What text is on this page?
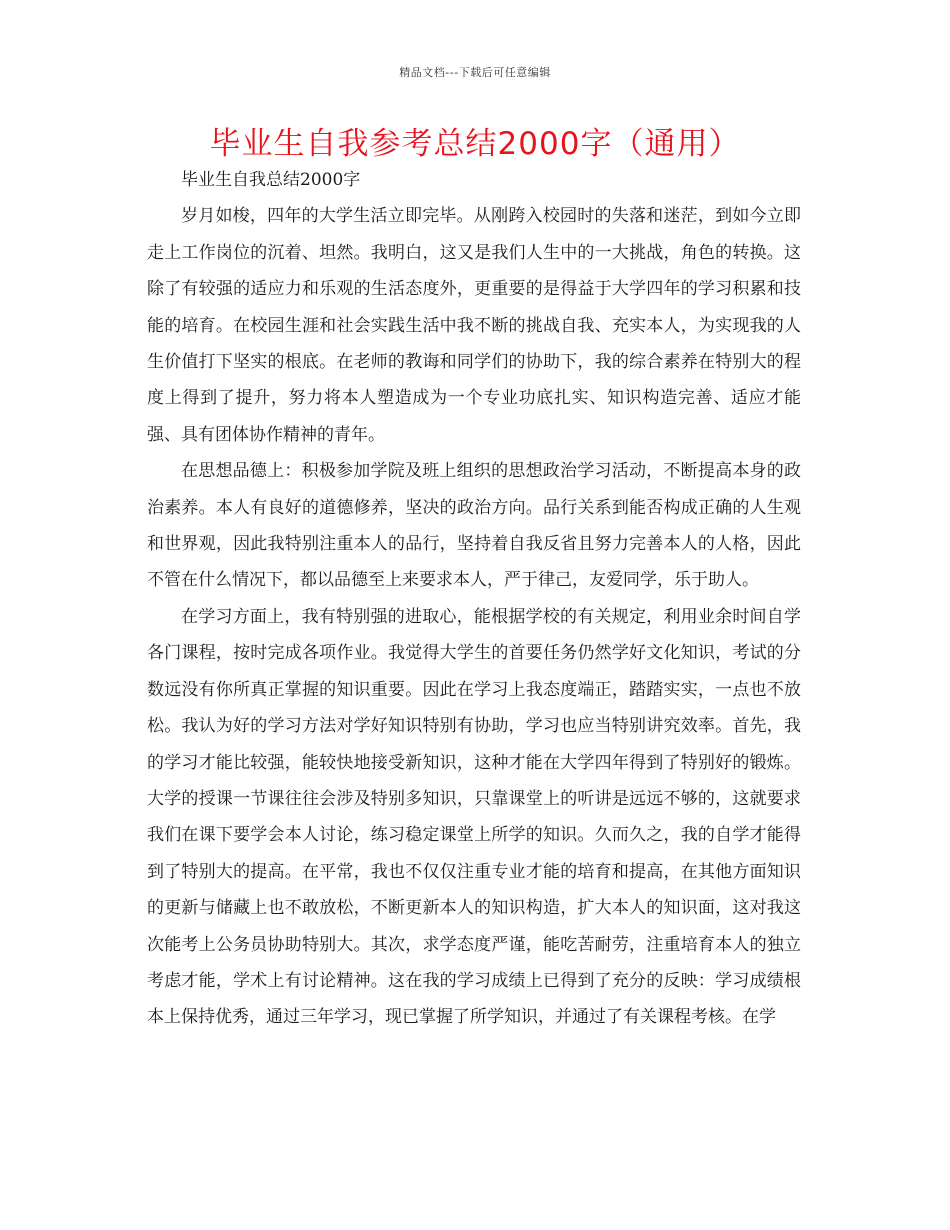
精品文档---下载后可任意编辑
毕业生自我参考总结2000字（通用）

毕业生自我总结2000字

岁月如梭，四年的大学生活立即完毕。从刚跨入校园时的失落和迷茫，到如今立即走上工作岗位的沉着、坦然。我明白，这又是我们人生中的一大挑战，角色的转换。这除了有较强的适应力和乐观的生活态度外，更重要的是得益于大学四年的学习积累和技能的培育。在校园生涯和社会实践生活中我不断的挑战自我、充实本人，为实现我的人生价值打下坚实的根底。在老师的教诲和同学们的协助下，我的综合素养在特别大的程度上得到了提升，努力将本人塑造成为一个专业功底扎实、知识构造完善、适应才能强、具有团体协作精神的青年。

在思想品德上：积极参加学院及班上组织的思想政治学习活动，不断提高本身的政治素养。本人有良好的道德修养，坚决的政治方向。品行关系到能否构成正确的人生观和世界观，因此我特别注重本人的品行，坚持着自我反省且努力完善本人的人格，因此不管在什么情况下，都以品德至上来要求本人，严于律己，友爱同学，乐于助人。

在学习方面上，我有特别强的进取心，能根据学校的有关规定，利用业余时间自学各门课程，按时完成各项作业。我觉得大学生的首要任务仍然学好文化知识，考试的分数远没有你所真正掌握的知识重要。因此在学习上我态度端正，踏踏实实，一点也不放松。我认为好的学习方法对学好知识特别有协助，学习也应当特别讲究效率。首先，我的学习才能比较强，能较快地接受新知识，这种才能在大学四年得到了特别好的锻炼。大学的授课一节课往往会涉及特别多知识，只靠课堂上的听讲是远远不够的，这就要求我们在课下要学会本人讨论，练习稳定课堂上所学的知识。久而久之，我的自学才能得到了特别大的提高。在平常，我也不仅仅注重专业才能的培育和提高，在其他方面知识的更新与储藏上也不敢放松，不断更新本人的知识构造，扩大本人的知识面，这对我这次能考上公务员协助特别大。其次，求学态度严谨，能吃苦耐劳，注重培育本人的独立考虑才能，学术上有讨论精神。这在我的学习成绩上已得到了充分的反映：学习成绩根本上保持优秀，通过三年学习，现已掌握了所学知识，并通过了有关课程考核。在学
